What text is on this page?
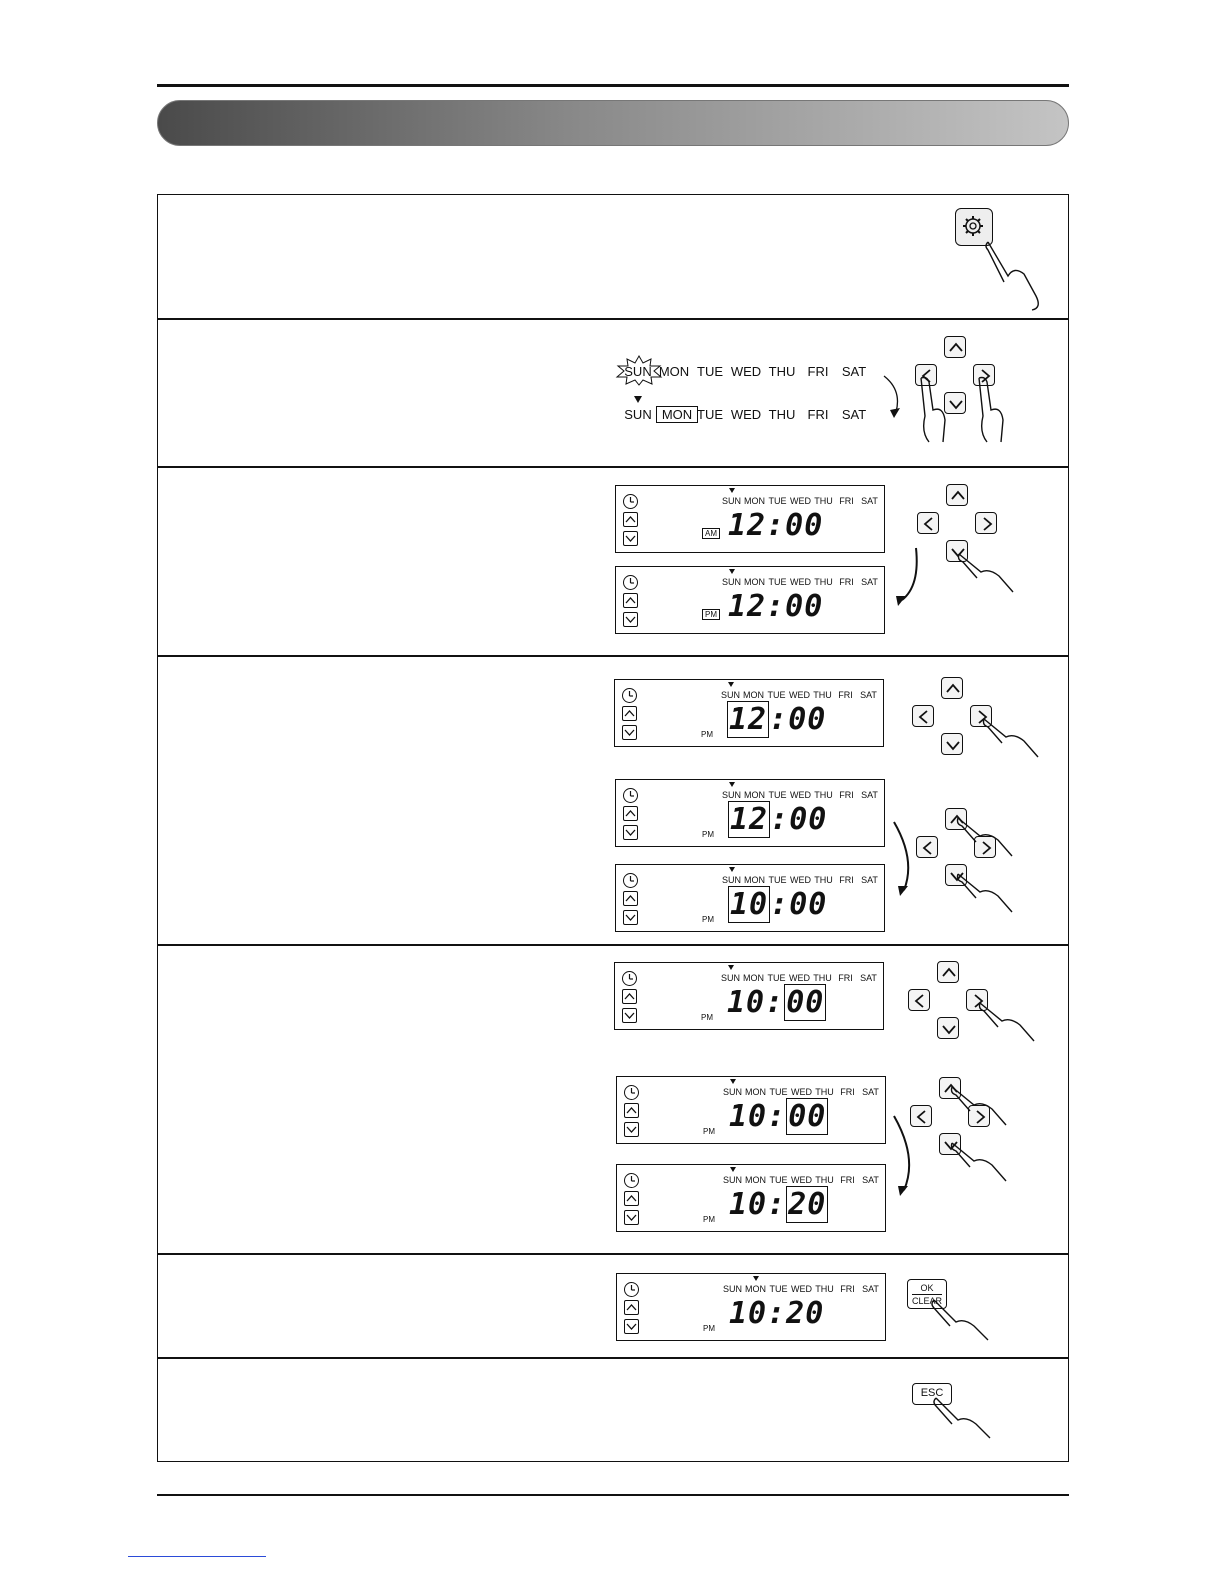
SUN MON TUE WED THU FRI SAT
SUN MON TUE WED THU FRI SAT
SUN MON TUE WED THU FRI SAT
AM 12:00
SUN MON TUE WED THU FRI SAT
PM 12:00
SUN MON TUE WED THU FRI SAT
PM 12:00
SUN MON TUE WED THU FRI SAT
PM 12:00
SUN MON TUE WED THU FRI SAT
PM 10:00
SUN MON TUE WED THU FRI SAT
PM 10:00
SUN MON TUE WED THU FRI SAT
PM 10:00
SUN MON TUE WED THU FRI SAT
PM 10:20
SUN MON TUE WED THU FRI SAT
PM 10:20
OK
CLEAR
ESC
